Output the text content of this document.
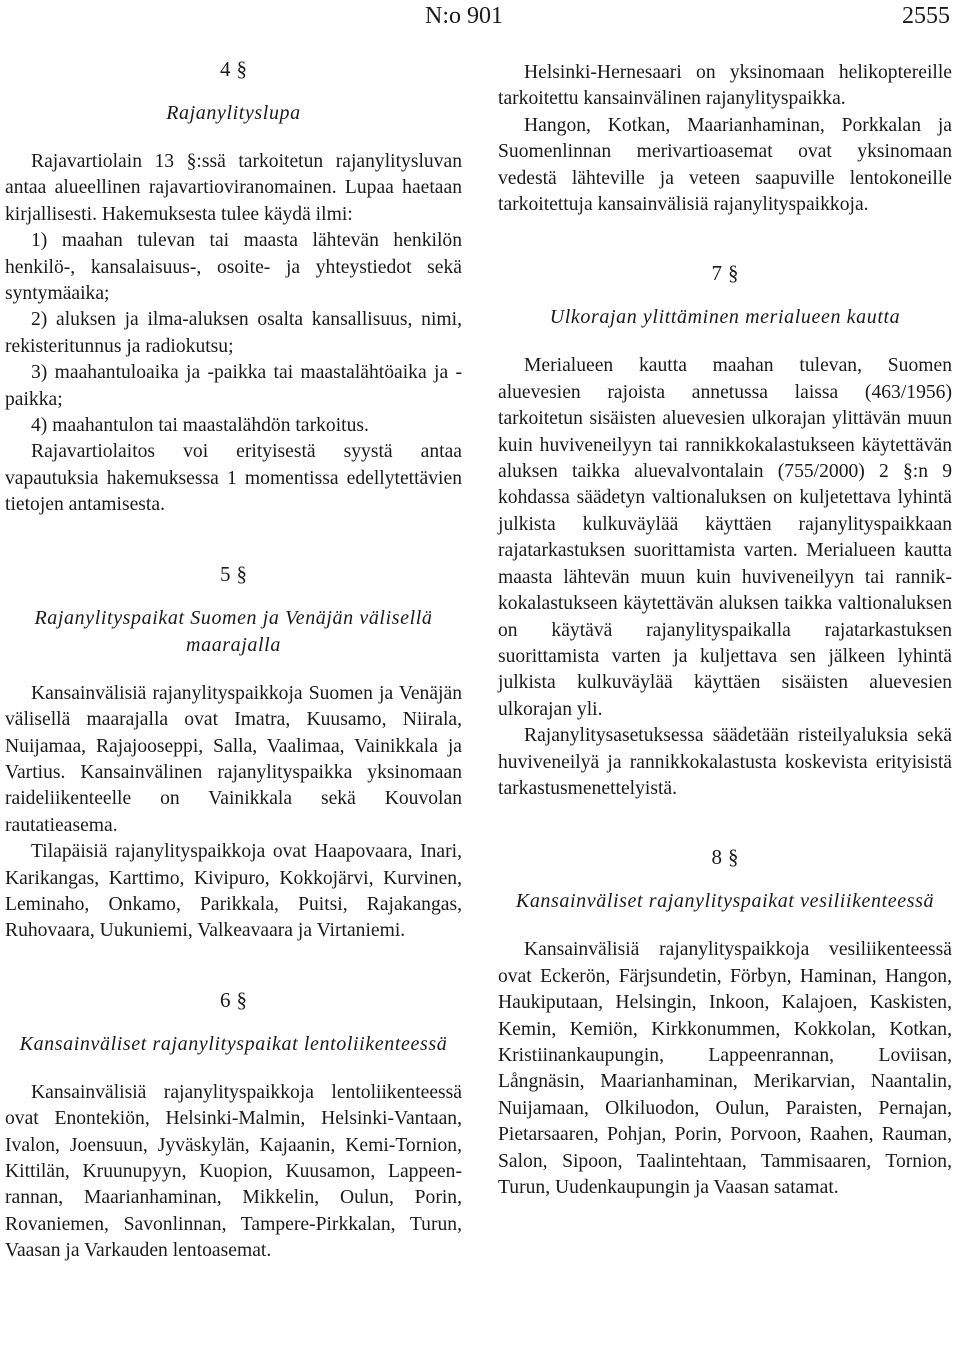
N:o 901	2555
4 §
Rajanylityslupa

Rajavartiolain 13 §:ssä tarkoitetun rajanylitysluvan antaa alueellinen rajavartioviranomainen. Lupaa haetaan kirjallisesti. Hakemuksesta tulee käydä ilmi:

1) maahan tulevan tai maasta lähtevän henkilön henkilö-, kansalaisuus-, osoite- ja yhteystiedot sekä syntymäaika;

2) aluksen ja ilma-aluksen osalta kansallisuus, nimi, rekisteritunnus ja radiokutsu;

3) maahantuloaika ja -paikka tai maastalähtöaika ja -paikka;

4) maahantulon tai maastalähdön tarkoitus.

Rajavartiolaitos voi erityisestä syystä antaa vapautuksia hakemuksessa 1 momentissa edellytettävien tietojen antamisesta.

5 §
Rajanylityspaikat Suomen ja Venäjän välisellä maarajalla

Kansainvälisiä rajanylityspaikkoja Suomen ja Venäjän välisellä maarajalla ovat Imatra, Kuusamo, Niirala, Nuijamaa, Rajajooseppi, Salla, Vaalimaa, Vainikkala ja Vartius. Kansainvälinen rajanylityspaikka yksinomaan raideliikenteelle on Vainikkala sekä Kouvolan rautatieasema.

Tilapäisiä rajanylityspaikkoja ovat Haapovaara, Inari, Karikangas, Karttimo, Kivipuro, Kokkojärvi, Kurvinen, Leminaho, Onkamo, Parikkala, Puitsi, Rajakangas, Ruhovaara, Uukuniemi, Valkeavaara ja Virtaniemi.

6 §
Kansainväliset rajanylityspaikat lentoliikenteessä

Kansainvälisiä rajanylityspaikkoja lentoliikenteessä ovat Enontekiön, Helsinki-Malmin, Helsinki-Vantaan, Ivalon, Joensuun, Jyväskylän, Kajaanin, Kemi-Tornion, Kittilän, Kruunupyyn, Kuopion, Kuusamon, Lappeenrannan, Maarianhaminan, Mikkelin, Oulun, Porin, Rovaniemen, Savonlinnan, Tampere-Pirkkalan, Turun, Vaasan ja Varkauden lentoasemat.

Helsinki-Hernesaari on yksinomaan helikoptereille tarkoitettu kansainvälinen rajanylityspaikka.

Hangon, Kotkan, Maarianhaminan, Porkkalan ja Suomenlinnan merivartioasemat ovat yksinomaan vedestä lähteville ja veteen saapuville lentokoneille tarkoitettuja kansainvälisiä rajanylityspaikkoja.

7 §
Ulkorajan ylittäminen merialueen kautta

Merialueen kautta maahan tulevan, Suomen aluevesien rajoista annetussa laissa (463/1956) tarkoitetun sisäisten aluevesien ulkorajan ylittävän muun kuin huviveneilyyn tai rannikkokalastukseen käytettävän aluksen taikka aluevalvontalain (755/2000) 2 §:n 9 kohdassa säädetyn valtionaluksen on kuljetettava lyhintä julkista kulkuväylää käyttäen rajanylityspaikkaan rajatarkastuksen suorittamista varten. Merialueen kautta maasta lähtevän muun kuin huviveneilyyn tai rannikkokalastukseen käytettävän aluksen taikka valtionaluksen on käytävä rajanylityspaikalla rajatarkastuksen suorittamista varten ja kuljettava sen jälkeen lyhintä julkista kulkuväylää käyttäen sisäisten aluevesien ulkorajan yli.

Rajanylitysasetuksessa säädetään risteilyaluksia sekä huviveneilyä ja rannikkokalastusta koskevista erityisistä tarkastusmenettelyistä.

8 §
Kansainväliset rajanylityspaikat vesiliikenteessä

Kansainvälisiä rajanylityspaikkoja vesiliikenteessä ovat Eckerön, Färjsundetin, Förbyn, Haminan, Hangon, Haukiputaan, Helsingin, Inkoon, Kalajoen, Kaskisten, Kemin, Kemiön, Kirkkonummen, Kokkolan, Kotkan, Kristiinankaupungin, Lappeenrannan, Loviisan, Långnäsin, Maarianhaminan, Merikarvian, Naantalin, Nuijamaan, Olkiluodon, Oulun, Paraisten, Pernajan, Pietarsaaren, Pohjan, Porin, Porvoon, Raahen, Rauman, Salon, Sipoon, Taalintehtaan, Tammisaaren, Tornion, Turun, Uudenkaupungin ja Vaasan satamat.
